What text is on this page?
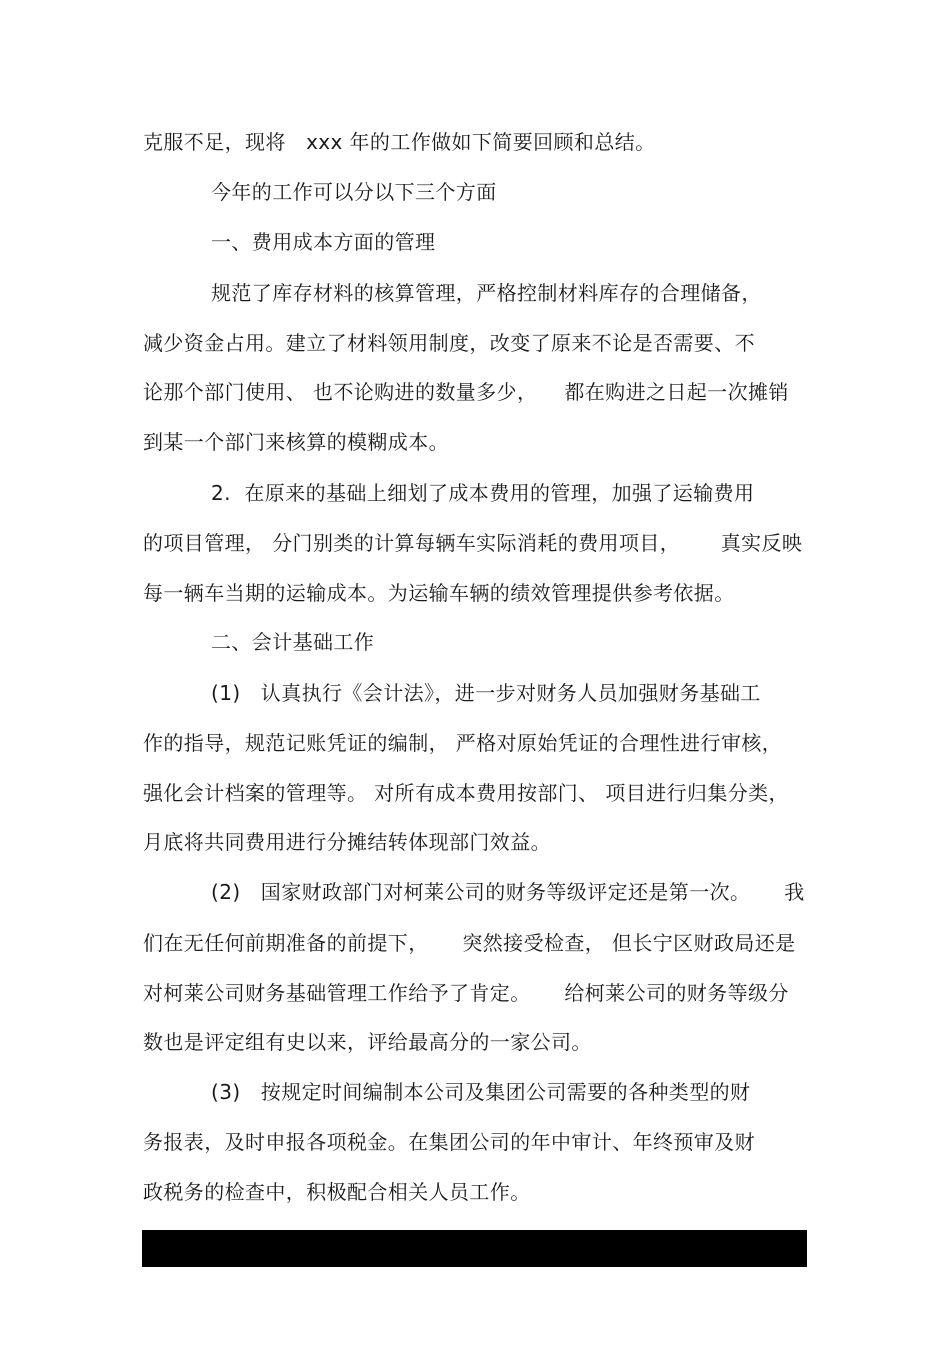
克服不足，现将   xxx 年的工作做如下简要回顾和总结。
今年的工作可以分以下三个方面
一、费用成本方面的管理
规范了库存材料的核算管理，严格控制材料库存的合理储备，
减少资金占用。建立了材料领用制度，改变了原来不论是否需要、不
论那个部门使用、 也不论购进的数量多少，    都在购进之日起一次摊销
到某一个部门来核算的模糊成本。
2.  在原来的基础上细划了成本费用的管理，加强了运输费用
的项目管理， 分门别类的计算每辆车实际消耗的费用项目，      真实反映
每一辆车当期的运输成本。为运输车辆的绩效管理提供参考依据。
二、会计基础工作
(1)   认真执行《会计法》，进一步对财务人员加强财务基础工
作的指导，规范记账凭证的编制， 严格对原始凭证的合理性进行审核，
强化会计档案的管理等。 对所有成本费用按部门、 项目进行归集分类，
月底将共同费用进行分摊结转体现部门效益。
(2)   国家财政部门对柯莱公司的财务等级评定还是第一次。     我
们在无任何前期准备的前提下，     突然接受检查， 但长宁区财政局还是
对柯莱公司财务基础管理工作给予了肯定。     给柯莱公司的财务等级分
数也是评定组有史以来，评给最高分的一家公司。
(3)   按规定时间编制本公司及集团公司需要的各种类型的财
务报表，及时申报各项税金。在集团公司的年中审计、年终预审及财
政税务的检查中，积极配合相关人员工作。
